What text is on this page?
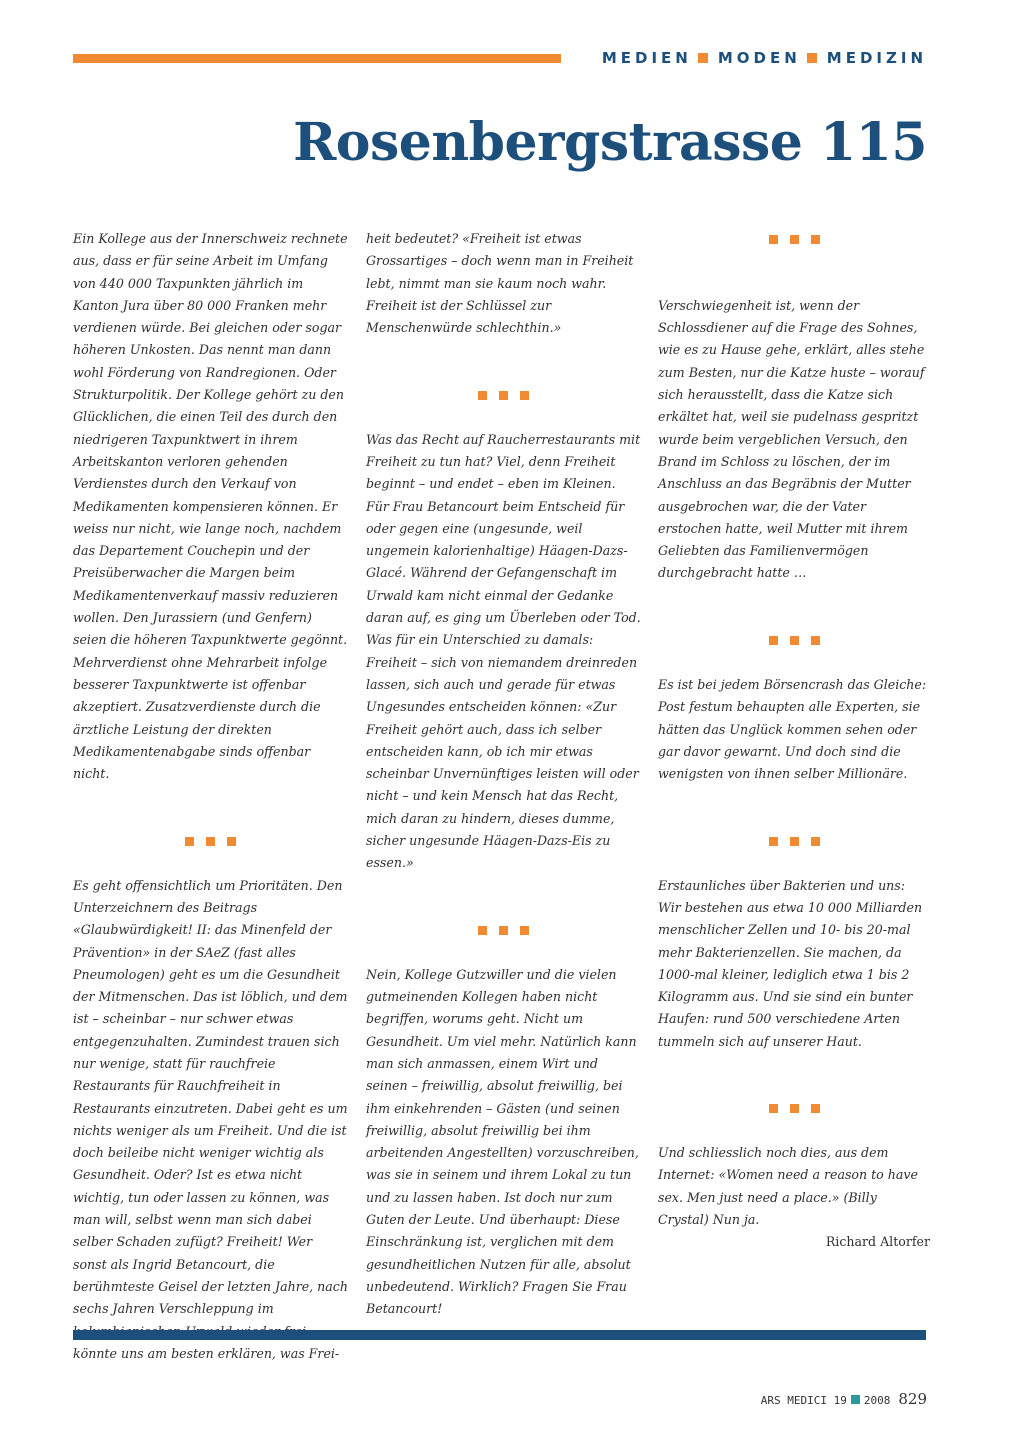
MEDIEN MODEN MEDIZIN
Rosenbergstrasse 115

Ein Kollege aus der Innerschweiz rechnete aus, dass er für seine Arbeit im Umfang von 440 000 Taxpunkten jährlich im Kanton Jura über 80 000 Franken mehr verdienen würde. Bei gleichen oder sogar höheren Unkosten. Das nennt man dann wohl Förderung von Randregionen. Oder Strukturpolitik. Der Kollege gehört zu den Glücklichen, die einen Teil des durch den niedrigeren Taxpunktwert in ihrem Arbeitskanton verloren gehenden Verdienstes durch den Verkauf von Medikamenten kompensieren können. Er weiss nur nicht, wie lange noch, nachdem das Departement Couchepin und der Preisüberwacher die Margen beim Medikamentenverkauf massiv reduzieren wollen. Den Jurassiern (und Genfern) seien die höheren Taxpunktwerte gegönnt. Mehrverdienst ohne Mehrarbeit infolge besserer Taxpunktwerte ist offenbar akzeptiert. Zusatzverdienste durch die ärztliche Leistung der direkten Medikamentenabgabe sinds offenbar nicht.

Es geht offensichtlich um Prioritäten. Den Unterzeichnern des Beitrags «Glaubwürdigkeit! II: das Minenfeld der Prävention» in der SAeZ (fast alles Pneumologen) geht es um die Gesundheit der Mitmenschen. Das ist löblich, und dem ist – scheinbar – nur schwer etwas entgegenzuhalten. Zumindest trauen sich nur wenige, statt für rauchfreie Restaurants für Rauchfreiheit in Restaurants einzutreten. Dabei geht es um nichts weniger als um Freiheit. Und die ist doch beileibe nicht weniger wichtig als Gesundheit. Oder? Ist es etwa nicht wichtig, tun oder lassen zu können, was man will, selbst wenn man sich dabei selber Schaden zufügt? Freiheit! Wer sonst als Ingrid Betancourt, die berühmteste Geisel der letzten Jahre, nach sechs Jahren Verschleppung im könnte uns am besten erklären, was Frei-

heit bedeutet? «Freiheit ist etwas Grossartiges – doch wenn man in Freiheit lebt, nimmt man sie kaum noch wahr. Freiheit ist der Schlüssel zur Menschenwürde schlechthin.»

Was das Recht auf Raucherrestaurants mit Freiheit zu tun hat? Viel, denn Freiheit beginnt – und endet – eben im Kleinen. Für Frau Betancourt beim Entscheid für oder gegen eine (ungesunde, weil ungemein kalorienhaltige) Häagen-Dazs-Glacé. Während der Gefangenschaft im Urwald kam nicht einmal der Gedanke daran auf, es ging um Überleben oder Tod. Was für ein Unterschied zu damals: Freiheit – sich von niemandem dreinreden lassen, sich auch und gerade für etwas Ungesundes entscheiden können: «Zur Freiheit gehört auch, dass ich selber entscheiden kann, ob ich mir etwas scheinbar Unvernünftiges leisten will oder nicht – und kein Mensch hat das Recht, mich daran zu hindern, dieses dumme, sicher ungesunde Häagen-Dazs-Eis zu essen.»

Nein, Kollege Gutzwiller und die vielen gutmeinenden Kollegen haben nicht begriffen, worums geht. Nicht um Gesundheit. Um viel mehr. Natürlich kann man sich anmassen, einem Wirt und seinen – freiwillig, absolut freiwillig, bei ihm einkehrenden – Gästen (und seinen freiwillig, absolut freiwillig bei ihm arbeitenden Angestellten) vorzuschreiben, was sie in seinem und ihrem Lokal zu tun und zu lassen haben. Ist doch nur zum Guten der Leute. Und überhaupt: Diese Einschränkung ist, verglichen mit dem gesundheitlichen Nutzen für alle, absolut unbedeutend. Wirklich? Fragen Sie Frau Betancourt!

Verschwiegenheit ist, wenn der Schlossdiener auf die Frage des Sohnes, wie es zu Hause gehe, erklärt, alles stehe zum Besten, nur die Katze huste – worauf sich herausstellt, dass die Katze sich erkältet hat, weil sie pudelnass gespritzt wurde beim vergeblichen Versuch, den Brand im Schloss zu löschen, der im Anschluss an das Begräbnis der Mutter ausgebrochen war, die der Vater erstochen hatte, weil Mutter mit ihrem Geliebten das Familienvermögen durchgebracht hatte …

Es ist bei jedem Börsencrash das Gleiche: Post festum behaupten alle Experten, sie hätten das Unglück kommen sehen oder gar davor gewarnt. Und doch sind die wenigsten von ihnen selber Millionäre.

Erstaunliches über Bakterien und uns: Wir bestehen aus etwa 10 000 Milliarden menschlicher Zellen und 10- bis 20-mal mehr Bakterienzellen. Sie machen, da 1000-mal kleiner, lediglich etwa 1 bis 2 Kilogramm aus. Und sie sind ein bunter Haufen: rund 500 verschiedene Arten tummeln sich auf unserer Haut.

Und schliesslich noch dies, aus dem Internet: «Women need a reason to have sex. Men just need a place.» (Billy Crystal) Nun ja.

Richard Altorfer

ARS MEDICI 19 2008 829
